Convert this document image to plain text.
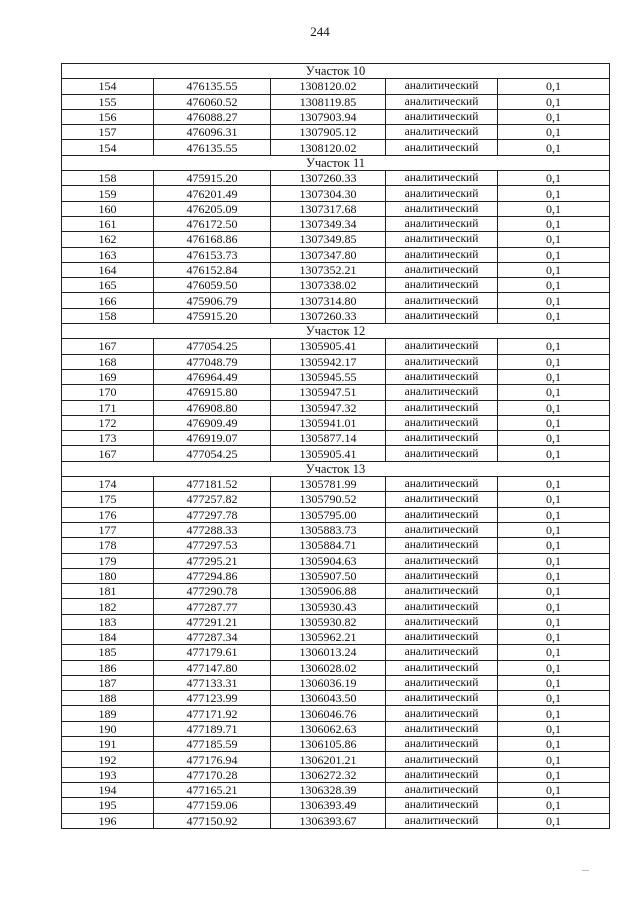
244
Участок 10				
154	476135.55	1308120.02	аналитический	0,1
155	476060.52	1308119.85	аналитический	0,1
156	476088.27	1307903.94	аналитический	0,1
157	476096.31	1307905.12	аналитический	0,1
154	476135.55	1308120.02	аналитический	0,1
Участок 11				
158	475915.20	1307260.33	аналитический	0,1
159	476201.49	1307304.30	аналитический	0,1
160	476205.09	1307317.68	аналитический	0,1
161	476172.50	1307349.34	аналитический	0,1
162	476168.86	1307349.85	аналитический	0,1
163	476153.73	1307347.80	аналитический	0,1
164	476152.84	1307352.21	аналитический	0,1
165	476059.50	1307338.02	аналитический	0,1
166	475906.79	1307314.80	аналитический	0,1
158	475915.20	1307260.33	аналитический	0,1
Участок 12				
167	477054.25	1305905.41	аналитический	0,1
168	477048.79	1305942.17	аналитический	0,1
169	476964.49	1305945.55	аналитический	0,1
170	476915.80	1305947.51	аналитический	0,1
171	476908.80	1305947.32	аналитический	0,1
172	476909.49	1305941.01	аналитический	0,1
173	476919.07	1305877.14	аналитический	0,1
167	477054.25	1305905.41	аналитический	0,1
Участок 13				
174	477181.52	1305781.99	аналитический	0,1
175	477257.82	1305790.52	аналитический	0,1
176	477297.78	1305795.00	аналитический	0,1
177	477288.33	1305883.73	аналитический	0,1
178	477297.53	1305884.71	аналитический	0,1
179	477295.21	1305904.63	аналитический	0,1
180	477294.86	1305907.50	аналитический	0,1
181	477290.78	1305906.88	аналитический	0,1
182	477287.77	1305930.43	аналитический	0,1
183	477291.21	1305930.82	аналитический	0,1
184	477287.34	1305962.21	аналитический	0,1
185	477179.61	1306013.24	аналитический	0,1
186	477147.80	1306028.02	аналитический	0,1
187	477133.31	1306036.19	аналитический	0,1
188	477123.99	1306043.50	аналитический	0,1
189	477171.92	1306046.76	аналитический	0,1
190	477189.71	1306062.63	аналитический	0,1
191	477185.59	1306105.86	аналитический	0,1
192	477176.94	1306201.21	аналитический	0,1
193	477170.28	1306272.32	аналитический	0,1
194	477165.21	1306328.39	аналитический	0,1
195	477159.06	1306393.49	аналитический	0,1
196	477150.92	1306393.67	аналитический	0,1
